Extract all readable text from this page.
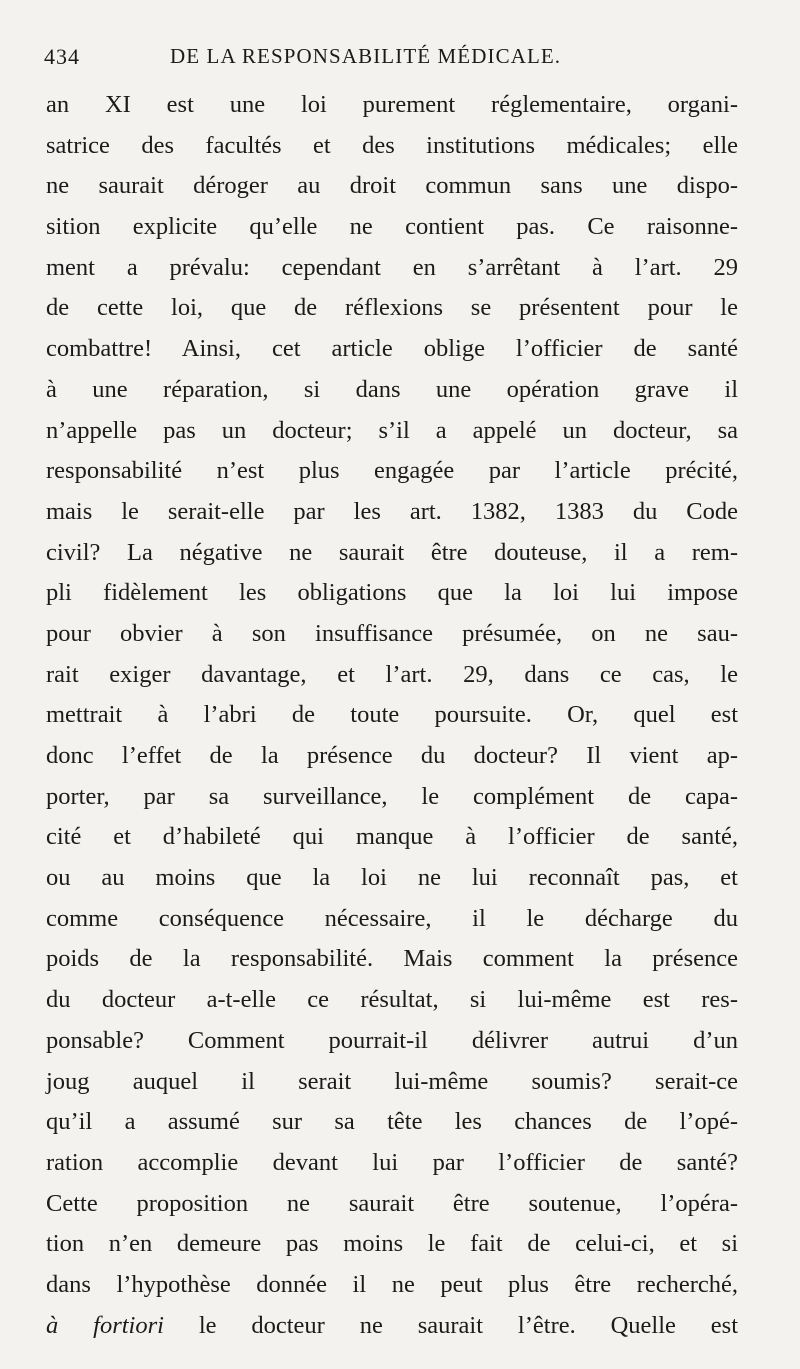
434	DE LA RESPONSABILITÉ MÉDICALE.
an XI est une loi purement réglementaire, organi-
satrice des facultés et des institutions médicales; elle
ne saurait déroger au droit commun sans une dispo-
sition explicite qu’elle ne contient pas. Ce raisonne-
ment a prévalu: cependant en s’arrêtant à l’art. 29
de cette loi, que de réflexions se présentent pour le
combattre! Ainsi, cet article oblige l’officier de santé
à une réparation, si dans une opération grave il
n’appelle pas un docteur; s’il a appelé un docteur, sa
responsabilité n’est plus engagée par l’article précité,
mais le serait-elle par les art. 1382, 1383 du Code
civil? La négative ne saurait être douteuse, il a rem-
pli fidèlement les obligations que la loi lui impose
pour obvier à son insuffisance présumée, on ne sau-
rait exiger davantage, et l’art. 29, dans ce cas, le
mettrait à l’abri de toute poursuite. Or, quel est
donc l’effet de la présence du docteur? Il vient ap-
porter, par sa surveillance, le complément de capa-
cité et d’habileté qui manque à l’officier de santé,
ou au moins que la loi ne lui reconnaît pas, et
comme conséquence nécessaire, il le décharge du
poids de la responsabilité. Mais comment la présence
du docteur a-t-elle ce résultat, si lui-même est res-
ponsable? Comment pourrait-il délivrer autrui d’un
joug auquel il serait lui-même soumis? serait-ce
qu’il a assumé sur sa tête les chances de l’opé-
ration accomplie devant lui par l’officier de santé?
Cette proposition ne saurait être soutenue, l’opéra-
tion n’en demeure pas moins le fait de celui-ci, et si
dans l’hypothèse donnée il ne peut plus être recherché,
à fortiori le docteur ne saurait l’être. Quelle est
